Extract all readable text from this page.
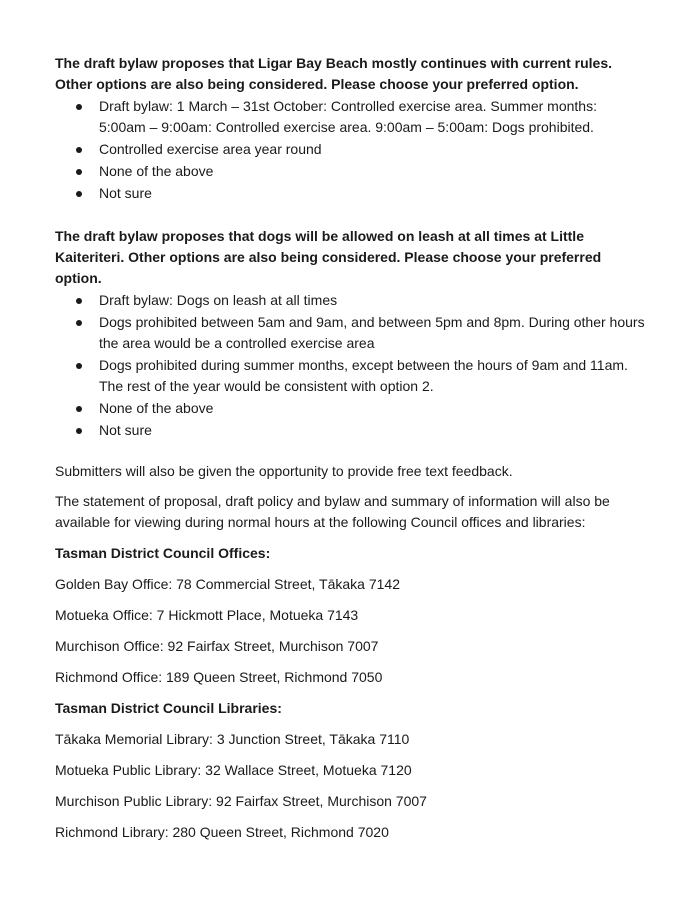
The draft bylaw proposes that Ligar Bay Beach mostly continues with current rules. Other options are also being considered. Please choose your preferred option.

Draft bylaw: 1 March – 31st October: Controlled exercise area. Summer months: 5:00am – 9:00am: Controlled exercise area. 9:00am – 5:00am: Dogs prohibited.
Controlled exercise area year round
None of the above
Not sure

The draft bylaw proposes that dogs will be allowed on leash at all times at Little Kaiteriteri. Other options are also being considered. Please choose your preferred option.

Draft bylaw: Dogs on leash at all times
Dogs prohibited between 5am and 9am, and between 5pm and 8pm. During other hours the area would be a controlled exercise area
Dogs prohibited during summer months, except between the hours of 9am and 11am. The rest of the year would be consistent with option 2.
None of the above
Not sure

Submitters will also be given the opportunity to provide free text feedback.

The statement of proposal, draft policy and bylaw and summary of information will also be available for viewing during normal hours at the following Council offices and libraries:

Tasman District Council Offices:

Golden Bay Office: 78 Commercial Street, Tākaka 7142

Motueka Office: 7 Hickmott Place, Motueka 7143

Murchison Office: 92 Fairfax Street, Murchison 7007

Richmond Office: 189 Queen Street, Richmond 7050

Tasman District Council Libraries:

Tākaka Memorial Library: 3 Junction Street, Tākaka 7110

Motueka Public Library: 32 Wallace Street, Motueka 7120

Murchison Public Library: 92 Fairfax Street, Murchison 7007

Richmond Library: 280 Queen Street, Richmond 7020
